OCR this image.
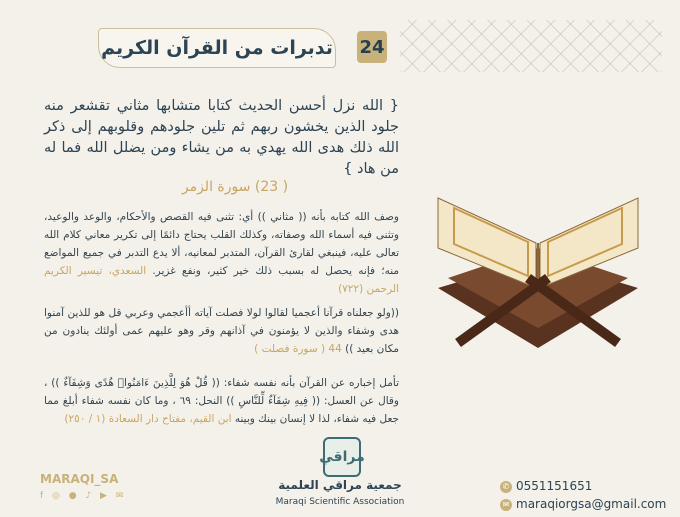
24
تدبرات من القرآن الكريم
{ الله نزل أحسن الحديث كتابا متشابها مثاني تقشعر منه جلود الذين يخشون ربهم ثم تلين جلودهم وقلوبهم إلى ذكر الله ذلك هدى الله يهدي به من يشاء ومن يضلل الله فما له من هاد }
( 23) سورة الزمر
وصف الله كتابه بأنه (( مثاني )) أي: تثنى فيه القصص والأحكام، والوعد والوعيد، وتثنى فيه أسماء الله وصفاته، وكذلك القلب يحتاج دائمًا إلى تكرير معاني كلام الله تعالى عليه، فينبغي لقارئ القرآن، المتدبر لمعانيه، ألا يدع التدبر في جميع المواضع منه؛ فإنه يحصل له بسبب ذلك خير كثير، ونفع غزير. السعدي، تيسير الكريم الرحمن (٧٢٢)
((ولو جعلناه قرآنا أعجميا لقالوا لولا فصلت آياته أأعجمي وعربي قل هو للذين آمنوا هدى وشفاء والذين لا يؤمنون في آذانهم وقر وهو عليهم عمى أولئك ينادون من مكان بعيد )) 44 ( سورة فصلت )
تأمل إخباره عن القرآن بأنه نفسه شفاء: (( قُلْ هُوَ لِلَّذِينَ ءَامَنُوا۟ هُدًى وَشِفَآءٌ )) ، وقال عن العسل: (( فِيهِ شِفَآءٌ لِّلنَّاسِ )) النحل: ٦٩ ، وما كان نفسه شفاء أبلغ مما جعل فيه شفاء، لذا لا إنسان بينك وبينه ابن القيم، مفتاح دار السعادة (١ / ٢٥٠)
MARAQI_SA
f ◎ ● ♪ ▶ ✉
مراقي
جمعية مراقي العلمية
Maraqi Scientific Association
✆ 0551151651
✉ maraqiorgsa@gmail.com
